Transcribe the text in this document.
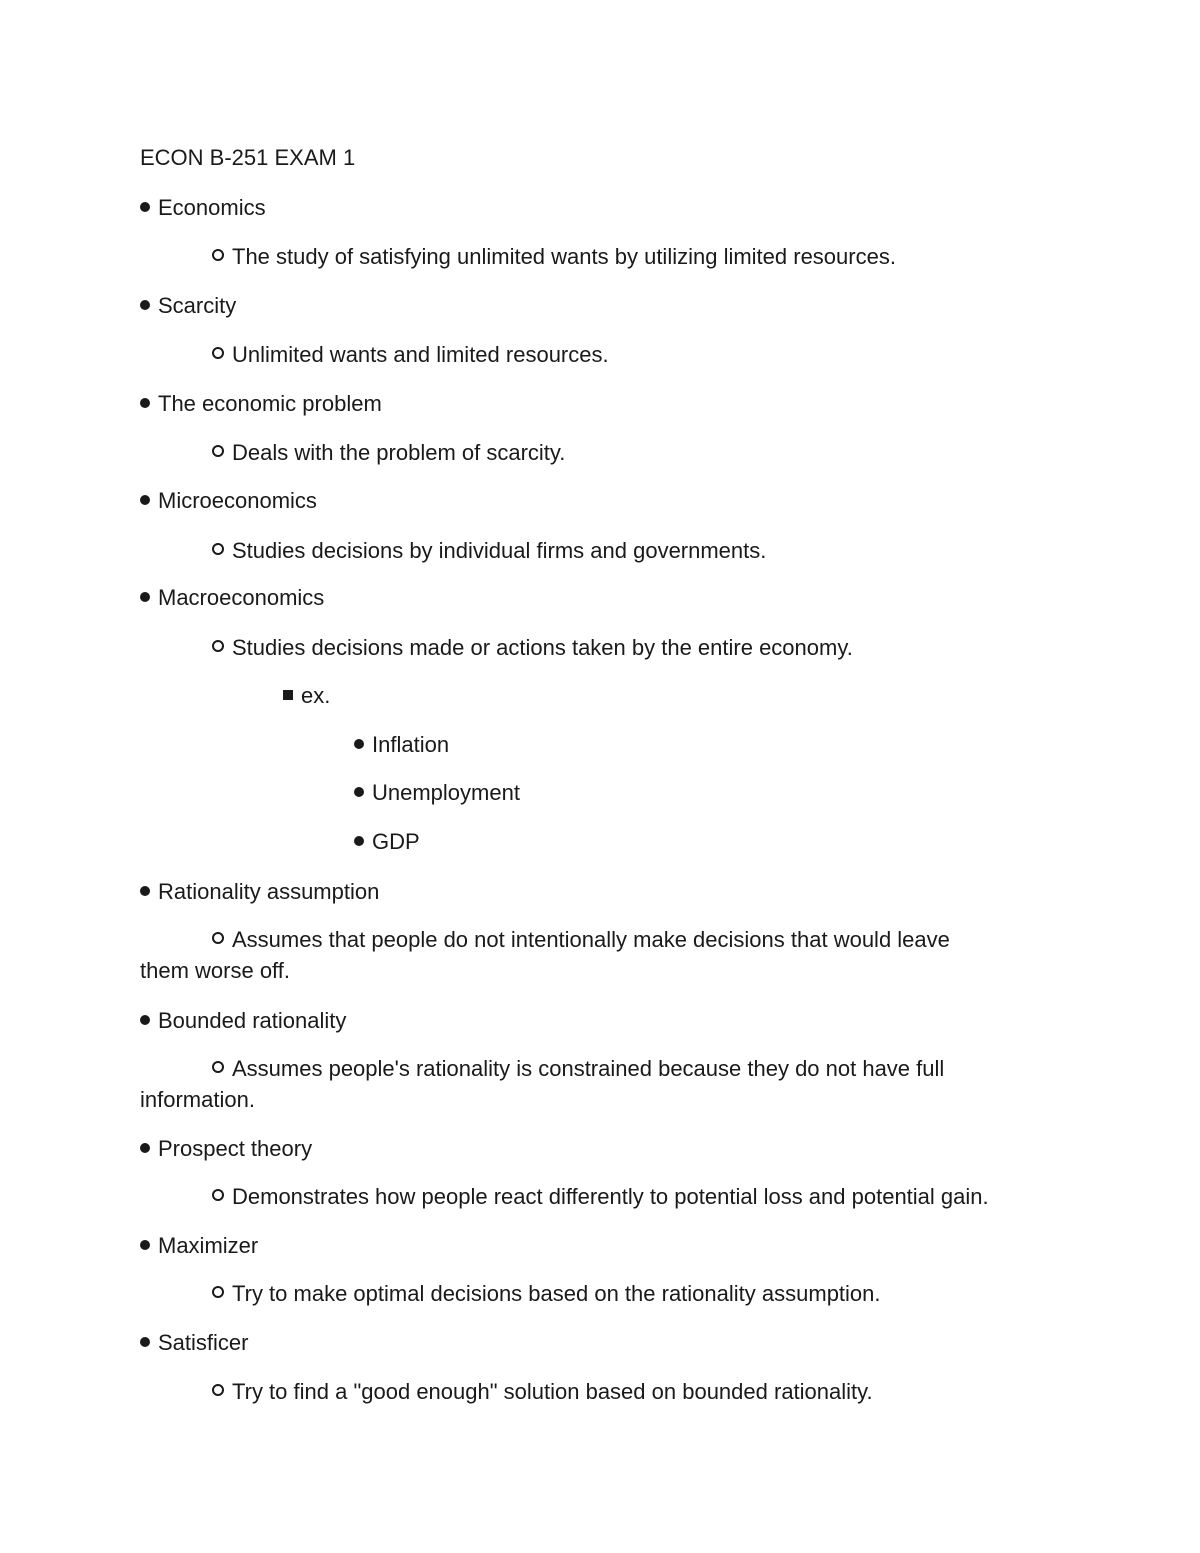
ECON B-251 EXAM 1
Economics
The study of satisfying unlimited wants by utilizing limited resources.
Scarcity
Unlimited wants and limited resources.
The economic problem
Deals with the problem of scarcity.
Microeconomics
Studies decisions by individual firms and governments.
Macroeconomics
Studies decisions made or actions taken by the entire economy.
ex.
Inflation
Unemployment
GDP
Rationality assumption
Assumes that people do not intentionally make decisions that would leave
them worse off.
Bounded rationality
Assumes people's rationality is constrained because they do not have full
information.
Prospect theory
Demonstrates how people react differently to potential loss and potential gain.
Maximizer
Try to make optimal decisions based on the rationality assumption.
Satisficer
Try to find a "good enough" solution based on bounded rationality.
